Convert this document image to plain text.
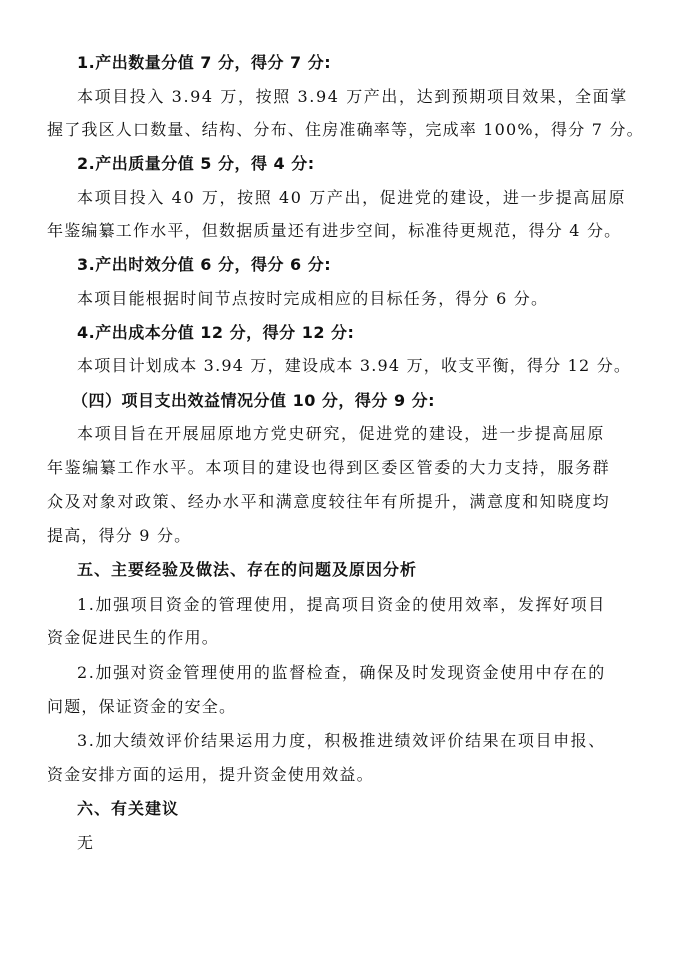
1.产出数量分值 7 分，得分 7 分:
本项目投入 3.94 万，按照 3.94 万产出，达到预期项目效果，全面掌
握了我区人口数量、结构、分布、住房准确率等，完成率 100%，得分 7 分。
2.产出质量分值 5 分，得 4 分:
本项目投入 40 万，按照 40 万产出，促进党的建设，进一步提高屈原
年鉴编纂工作水平，但数据质量还有进步空间，标准待更规范，得分 4 分。
3.产出时效分值 6 分，得分 6 分:
本项目能根据时间节点按时完成相应的目标任务，得分 6 分。
4.产出成本分值 12 分，得分 12 分:
本项目计划成本 3.94 万，建设成本 3.94 万，收支平衡，得分 12 分。
（四）项目支出效益情况分值 10 分，得分 9 分:
本项目旨在开展屈原地方党史研究，促进党的建设，进一步提高屈原
年鉴编纂工作水平。本项目的建设也得到区委区管委的大力支持，服务群
众及对象对政策、经办水平和满意度较往年有所提升，满意度和知晓度均
提高，得分 9 分。
五、主要经验及做法、存在的问题及原因分析
1.加强项目资金的管理使用，提高项目资金的使用效率，发挥好项目
资金促进民生的作用。
2.加强对资金管理使用的监督检查，确保及时发现资金使用中存在的
问题，保证资金的安全。
3.加大绩效评价结果运用力度，积极推进绩效评价结果在项目申报、
资金安排方面的运用，提升资金使用效益。
六、有关建议
无
